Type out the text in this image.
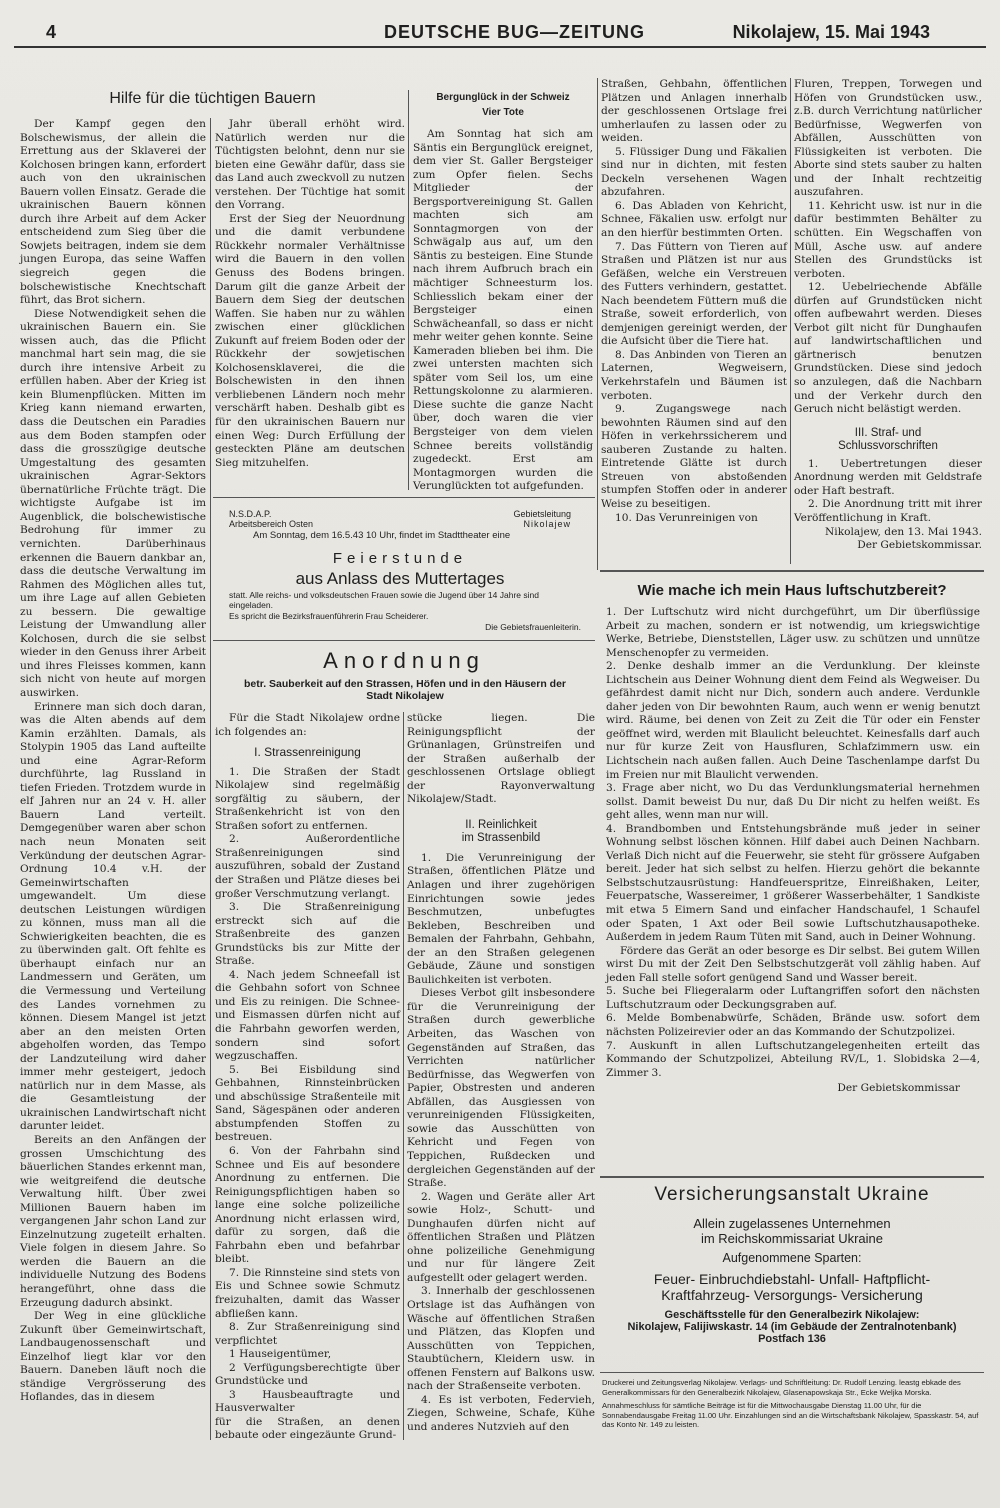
4	DEUTSCHE BUG—ZEITUNG	Nikolajew, 15. Mai 1943
Hilfe für die tüchtigen Bauern

Der Kampf gegen den Bolschewismus, der allein die Errettung aus der Sklaverei der Kolchosen bringen kann, erfordert auch von den ukrainischen Bauern vollen Einsatz. Gerade die ukrainischen Bauern können durch ihre Arbeit auf dem Acker entscheidend zum Sieg über die Sowjets beitragen, indem sie dem jungen Europa, das seine Waffen siegreich gegen die bolschewistische Knechtschaft führt, das Brot sichern.

Diese Notwendigkeit sehen die ukrainischen Bauern ein. Sie wissen auch, das die Pflicht manchmal hart sein mag, die sie durch ihre intensive Arbeit zu erfüllen haben. Aber der Krieg ist kein Blumenpflücken. Mitten im Krieg kann niemand erwarten, dass die Deutschen ein Paradies aus dem Boden stampfen oder dass die grosszügige deutsche Umgestaltung des gesamten ukrainischen Agrar-Sektors übernatürliche Früchte trägt. Die wichtigste Aufgabe ist im Augenblick, die bolschewistische Bedrohung für immer zu vernichten. Darüberhinaus erkennen die Bauern dankbar an, dass die deutsche Verwaltung im Rahmen des Möglichen alles tut, um ihre Lage auf allen Gebieten zu bessern. Die gewaltige Leistung der Umwandlung aller Kolchosen, durch die sie selbst wieder in den Genuss ihrer Arbeit und ihres Fleisses kommen, kann sich nicht von heute auf morgen auswirken.

Erinnere man sich doch daran, was die Alten abends auf dem Kamin erzählten. Damals, als Stolypin 1905 das Land aufteilte und eine Agrar-Reform durchführte, lag Russland in tiefen Frieden. Trotzdem wurde in elf Jahren nur an 24 v. H. aller Bauern Land verteilt. Demgegenüber waren aber schon nach neun Monaten seit Verkündung der deutschen Agrar-Ordnung 10.4 v.H. der Gemeinwirtschaften umgewandelt. Um diese deutschen Leistungen würdigen zu können, muss man all die Schwierigkeiten beachten, die es zu überwinden galt. Oft fehlte es überhaupt einfach nur an Landmessern und Geräten, um die Vermessung und Verteilung des Landes vornehmen zu können. Diesem Mangel ist jetzt aber an den meisten Orten abgeholfen worden, das Tempo der Landzuteilung wird daher immer mehr gesteigert, jedoch natürlich nur in dem Masse, als die Gesamtleistung der ukrainischen Landwirtschaft nicht darunter leidet.

Bereits an den Anfängen der grossen Umschichtung des bäuerlichen Standes erkennt man, wie weitgreifend die deutsche Verwaltung hilft. Über zwei Millionen Bauern haben im vergangenen Jahr schon Land zur Einzelnutzung zugeteilt erhalten. Viele folgen in diesem Jahre. So werden die Bauern an die individuelle Nutzung des Bodens herangeführt, ohne dass die Erzeugung dadurch absinkt.

Der Weg in eine glückliche Zukunft über Gemeinwirtschaft, Landbaugenossenschaft und Einzelhof liegt klar vor den Bauern. Daneben läuft noch die ständige Vergrösserung des Hoflandes, das in diesem

Jahr überall erhöht wird. Natürlich werden nur die Tüchtigsten belohnt, denn nur sie bieten eine Gewähr dafür, dass sie das Land auch zweckvoll zu nutzen verstehen. Der Tüchtige hat somit den Vorrang.

Erst der Sieg der Neuordnung und die damit verbundene Rückkehr normaler Verhältnisse wird die Bauern in den vollen Genuss des Bodens bringen. Darum gilt die ganze Arbeit der Bauern dem Sieg der deutschen Waffen. Sie haben nur zu wählen zwischen einer glücklichen Zukunft auf freiem Boden oder der Rückkehr der sowjetischen Kolchosensklaverei, die die Bolschewisten in den ihnen verbliebenen Ländern noch mehr verschärft haben. Deshalb gibt es für den ukrainischen Bauern nur einen Weg: Durch Erfüllung der gesteckten Pläne am deutschen Sieg mitzuhelfen.

Bergunglück in der Schweiz
Vier Tote

Am Sonntag hat sich am Säntis ein Bergunglück ereignet, dem vier St. Galler Bergsteiger zum Opfer fielen. Sechs Mitglieder der Bergsportvereinigung St. Gallen machten sich am Sonntagmorgen von der Schwägalp aus auf, um den Säntis zu besteigen. Eine Stunde nach ihrem Aufbruch brach ein mächtiger Schneesturm los. Schliesslich bekam einer der Bergsteiger einen Schwächeanfall, so dass er nicht mehr weiter gehen konnte. Seine Kameraden blieben bei ihm. Die zwei untersten machten sich später vom Seil los, um eine Rettungskolonne zu alarmieren. Diese suchte die ganze Nacht über, doch waren die vier Bergsteiger von dem vielen Schnee bereits vollständig zugedeckt. Erst am Montagmorgen wurden die Verunglückten tot aufgefunden.

N.S.D.A.P.
Arbeitsbereich Osten
Gebietsleitung
Nikolajew
Am Sonntag, dem 16.5.43 10 Uhr, findet im Stadttheater eine
Feierstunde
aus Anlass des Muttertages
statt. Alle reichs- und volksdeutschen Frauen sowie die Jugend über 14 Jahre sind eingeladen.
Es spricht die Bezirksfrauenführerin Frau Scheiderer.
Die Gebietsfrauenleiterin.
Anordnung
betr. Sauberkeit auf den Strassen, Höfen und in den Häusern der Stadt Nikolajew

Für die Stadt Nikolajew ordne ich folgendes an:

I. Strassenreinigung

1. Die Straßen der Stadt Nikolajew sind regelmäßig sorgfältig zu säubern, der Straßenkehricht ist von den Straßen sofort zu entfernen.

2. Außerordentliche Straßenreinigungen sind auszuführen, sobald der Zustand der Straßen und Plätze dieses bei großer Verschmutzung verlangt.

3. Die Straßenreinigung erstreckt sich auf die Straßenbreite des ganzen Grundstücks bis zur Mitte der Straße.

4. Nach jedem Schneefall ist die Gehbahn sofort von Schnee und Eis zu reinigen. Die Schnee- und Eismassen dürfen nicht auf die Fahrbahn geworfen werden, sondern sind sofort wegzuschaffen.

5. Bei Eisbildung sind Gehbahnen, Rinnsteinbrücken und abschüssige Straßenteile mit Sand, Sägespänen oder anderen abstumpfenden Stoffen zu bestreuen.

6. Von der Fahrbahn sind Schnee und Eis auf besondere Anordnung zu entfernen. Die Reinigungspflichtigen haben so lange eine solche polizeiliche Anordnung nicht erlassen wird, dafür zu sorgen, daß die Fahrbahn eben und befahrbar bleibt.

7. Die Rinnsteine sind stets von Eis und Schnee sowie Schmutz freizuhalten, damit das Wasser abfließen kann.

8. Zur Straßenreinigung sind verpflichtet

1 Hauseigentümer,

2 Verfügungsberechtigte über Grundstücke und

3 Hausbeauftragte und Hausverwalter

für die Straßen, an denen bebaute oder eingezäunte Grund-

stücke liegen. Die Reinigungspflicht der Grünanlagen, Grünstreifen und der Straßen außerhalb der geschlossenen Ortslage obliegt der Rayonverwaltung Nikolajew/Stadt.

II. Reinlichkeit
im Strassenbild

1. Die Verunreinigung der Straßen, öffentlichen Plätze und Anlagen und ihrer zugehörigen Einrichtungen sowie jedes Beschmutzen, unbefugtes Bekleben, Beschreiben und Bemalen der Fahrbahn, Gehbahn, der an den Straßen gelegenen Gebäude, Zäune und sonstigen Baulichkeiten ist verboten.

Dieses Verbot gilt insbesondere für die Verunreinigung der Straßen durch gewerbliche Arbeiten, das Waschen von Gegenständen auf Straßen, das Verrichten natürlicher Bedürfnisse, das Wegwerfen von Papier, Obstresten und anderen Abfällen, das Ausgiessen von verunreinigenden Flüssigkeiten, sowie das Ausschütten von Kehricht und Fegen von Teppichen, Rußdecken und dergleichen Gegenständen auf der Straße.

2. Wagen und Geräte aller Art sowie Holz-, Schutt- und Dunghaufen dürfen nicht auf öffentlichen Straßen und Plätzen ohne polizeiliche Genehmigung und nur für längere Zeit aufgestellt oder gelagert werden.

3. Innerhalb der geschlossenen Ortslage ist das Aufhängen von Wäsche auf öffentlichen Straßen und Plätzen, das Klopfen und Ausschütten von Teppichen, Staubtüchern, Kleidern usw. in offenen Fenstern auf Balkons usw. nach der Straßenseite verboten.

4. Es ist verboten, Federvieh, Ziegen, Schweine, Schafe, Kühe und anderes Nutzvieh auf den

Straßen, Gehbahn, öffentlichen Plätzen und Anlagen innerhalb der geschlossenen Ortslage frei umherlaufen zu lassen oder zu weiden.

5. Flüssiger Dung und Fäkalien sind nur in dichten, mit festen Deckeln versehenen Wagen abzufahren.

6. Das Abladen von Kehricht, Schnee, Fäkalien usw. erfolgt nur an den hierfür bestimmten Orten.

7. Das Füttern von Tieren auf Straßen und Plätzen ist nur aus Gefäßen, welche ein Verstreuen des Futters verhindern, gestattet. Nach beendetem Füttern muß die Straße, soweit erforderlich, von demjenigen gereinigt werden, der die Aufsicht über die Tiere hat.

8. Das Anbinden von Tieren an Laternen, Wegweisern, Verkehrstafeln und Bäumen ist verboten.

9. Zugangswege nach bewohnten Räumen sind auf den Höfen in verkehrssicherem und sauberen Zustande zu halten. Eintretende Glätte ist durch Streuen von abstoßenden stumpfen Stoffen oder in anderer Weise zu beseitigen.

10. Das Verunreinigen von

Fluren, Treppen, Torwegen und Höfen von Grundstücken usw., z.B. durch Verrichtung natürlicher Bedürfnisse, Wegwerfen von Abfällen, Ausschütten von Flüssigkeiten ist verboten. Die Aborte sind stets sauber zu halten und der Inhalt rechtzeitig auszufahren.

11. Kehricht usw. ist nur in die dafür bestimmten Behälter zu schütten. Ein Wegschaffen von Müll, Asche usw. auf andere Stellen des Grundstücks ist verboten.

12. Uebelriechende Abfälle dürfen auf Grundstücken nicht offen aufbewahrt werden. Dieses Verbot gilt nicht für Dunghaufen auf landwirtschaftlichen und gärtnerisch benutzen Grundstücken. Diese sind jedoch so anzulegen, daß die Nachbarn und der Verkehr durch den Geruch nicht belästigt werden.

III. Straf- und
Schlussvorschriften

1. Uebertretungen dieser Anordnung werden mit Geldstrafe oder Haft bestraft.

2. Die Anordnung tritt mit ihrer Veröffentlichung in Kraft.

Nikolajew, den 13. Mai 1943.

Der Gebietskommissar.

Wie mache ich mein Haus luftschutzbereit?

1. Der Luftschutz wird nicht durchgeführt, um Dir überflüssige Arbeit zu machen, sondern er ist notwendig, um kriegswichtige Werke, Betriebe, Dienststellen, Läger usw. zu schützen und unnütze Menschenopfer zu vermeiden.

2. Denke deshalb immer an die Verdunklung. Der kleinste Lichtschein aus Deiner Wohnung dient dem Feind als Wegweiser. Du gefährdest damit nicht nur Dich, sondern auch andere. Verdunkle daher jeden von Dir bewohnten Raum, auch wenn er wenig benutzt wird. Räume, bei denen von Zeit zu Zeit die Tür oder ein Fenster geöffnet wird, werden mit Blaulicht beleuchtet. Keinesfalls darf auch nur für kurze Zeit von Hausfluren, Schlafzimmern usw. ein Lichtschein nach außen fallen. Auch Deine Taschenlampe darfst Du im Freien nur mit Blaulicht verwenden.

3. Frage aber nicht, wo Du das Verdunklungsmaterial hernehmen sollst. Damit beweist Du nur, daß Du Dir nicht zu helfen weißt. Es geht alles, wenn man nur will.

4. Brandbomben und Entstehungsbrände muß jeder in seiner Wohnung selbst löschen können. Hilf dabei auch Deinen Nachbarn. Verlaß Dich nicht auf die Feuerwehr, sie steht für grössere Aufgaben bereit. Jeder hat sich selbst zu helfen. Hierzu gehört die bekannte Selbstschutzausrüstung: Handfeuerspritze, Einreißhaken, Leiter, Feuerpatsche, Wassereimer, 1 größerer Wasserbehälter, 1 Sandkiste mit etwa 5 Eimern Sand und einfacher Handschaufel, 1 Schaufel oder Spaten, 1 Axt oder Beil sowie Luftschutzhausapotheke. Außerdem in jedem Raum Tüten mit Sand, auch in Deiner Wohnung.

Fördere das Gerät an oder besorge es Dir selbst. Bei gutem Willen wirst Du mit der Zeit Den Selbstschutzgerät voll zählig haben. Auf jeden Fall stelle sofort genügend Sand und Wasser bereit.

5. Suche bei Fliegeralarm oder Luftangriffen sofort den nächsten Luftschutzraum oder Deckungsgraben auf.

6. Melde Bombenabwürfe, Schäden, Brände usw. sofort dem nächsten Polizeirevier oder an das Kommando der Schutzpolizei.

7. Auskunft in allen Luftschutzangelegenheiten erteilt das Kommando der Schutzpolizei, Abteilung RV/L, 1. Slobidska 2—4, Zimmer 3.

Der Gebietskommissar

Versicherungsanstalt Ukraine
Allein zugelassenes Unternehmen
im Reichskommissariat Ukraine
Aufgenommene Sparten:
Feuer- Einbruchdiebstahl- Unfall- Haftpflicht-
Kraftfahrzeug- Versorgungs- Versicherung
Geschäftsstelle für den Generalbezirk Nikolajew:
Nikolajew, Falijiwskastr. 14 (im Gebäude der Zentralnotenbank)
Postfach 136
Druckerei und Zeitungsverlag Nikolajew. Verlags- und Schriftleitung: Dr. Rudolf Lenzing. leastg ebkade des Generalkommissars für den Generalbezirk Nikolajew, Glasenapowskaja Str., Ecke Weljka Morska.
Annahmeschluss für sämtliche Beiträge ist für die Mittwochausgabe Dienstag 11.00 Uhr, für die Sonnabendausgabe Freitag 11.00 Uhr. Einzahlungen sind an die Wirtschaftsbank Nikolajew, Spasskastr. 54, auf das Konto Nr. 149 zu leisten.
